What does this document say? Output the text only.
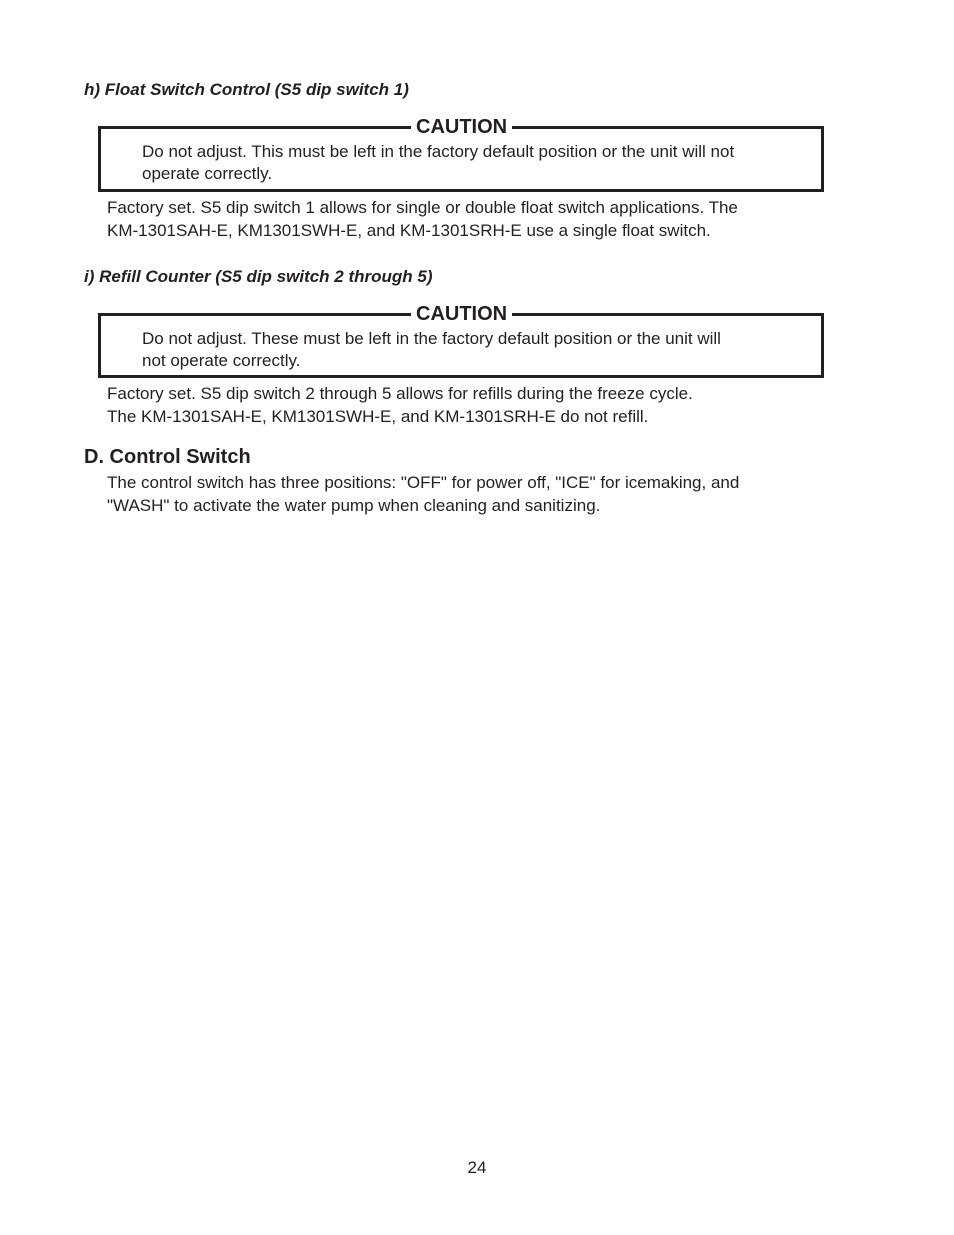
h) Float Switch Control (S5 dip switch 1)
CAUTION

Do not adjust. This must be left in the factory default position or the unit will not
operate correctly.

Factory set. S5 dip switch 1 allows for single or double float switch applications. The
KM-1301SAH-E, KM1301SWH-E, and KM-1301SRH-E use a single float switch.

i) Refill Counter (S5 dip switch 2 through 5)
CAUTION

Do not adjust. These must be left in the factory default position or the unit will
not operate correctly.

Factory set. S5 dip switch 2 through 5 allows for refills during the freeze cycle.
The KM-1301SAH-E, KM1301SWH-E, and KM-1301SRH-E do not refill.

D. Control Switch

The control switch has three positions: "OFF" for power off, "ICE" for icemaking, and
"WASH" to activate the water pump when cleaning and sanitizing.

24
